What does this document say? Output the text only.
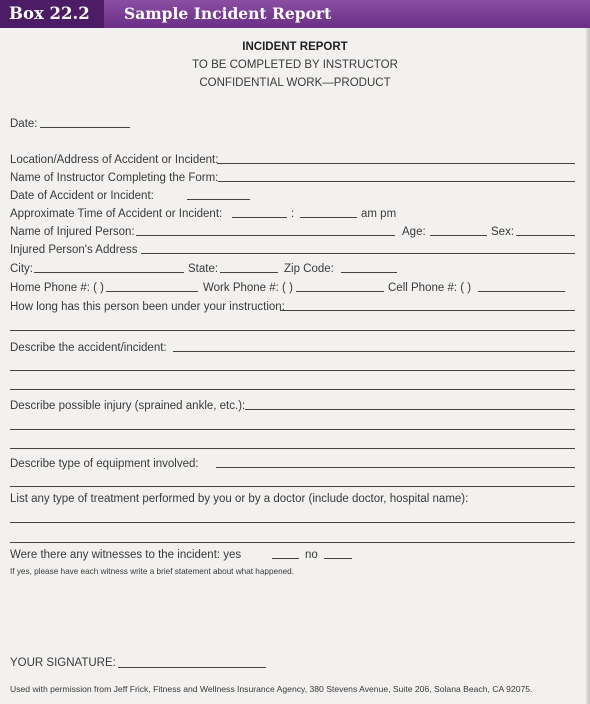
Box 22.2	Sample Incident Report
INCIDENT REPORT
TO BE COMPLETED BY INSTRUCTOR
CONFIDENTIAL WORK—PRODUCT
Date:
Location/Address of Accident or Incident:
Name of Instructor Completing the Form:
Date of Accident or Incident:
Approximate Time of Accident or Incident:	:	am pm
Name of Injured Person:	Age:	Sex:
Injured Person's Address
City:	State:	Zip Code:
Home Phone #: ( )	Work Phone #: ( )	Cell Phone #: ( )
How long has this person been under your instruction:
Describe the accident/incident:
Describe possible injury (sprained ankle, etc.):
Describe type of equipment involved:
List any type of treatment performed by you or by a doctor (include doctor, hospital name):
Were there any witnesses to the incident: yes	no
If yes, please have each witness write a brief statement about what happened.
YOUR SIGNATURE:
Used with permission from Jeff Frick, Fitness and Wellness Insurance Agency, 380 Stevens Avenue, Suite 206, Solana Beach, CA 92075.
